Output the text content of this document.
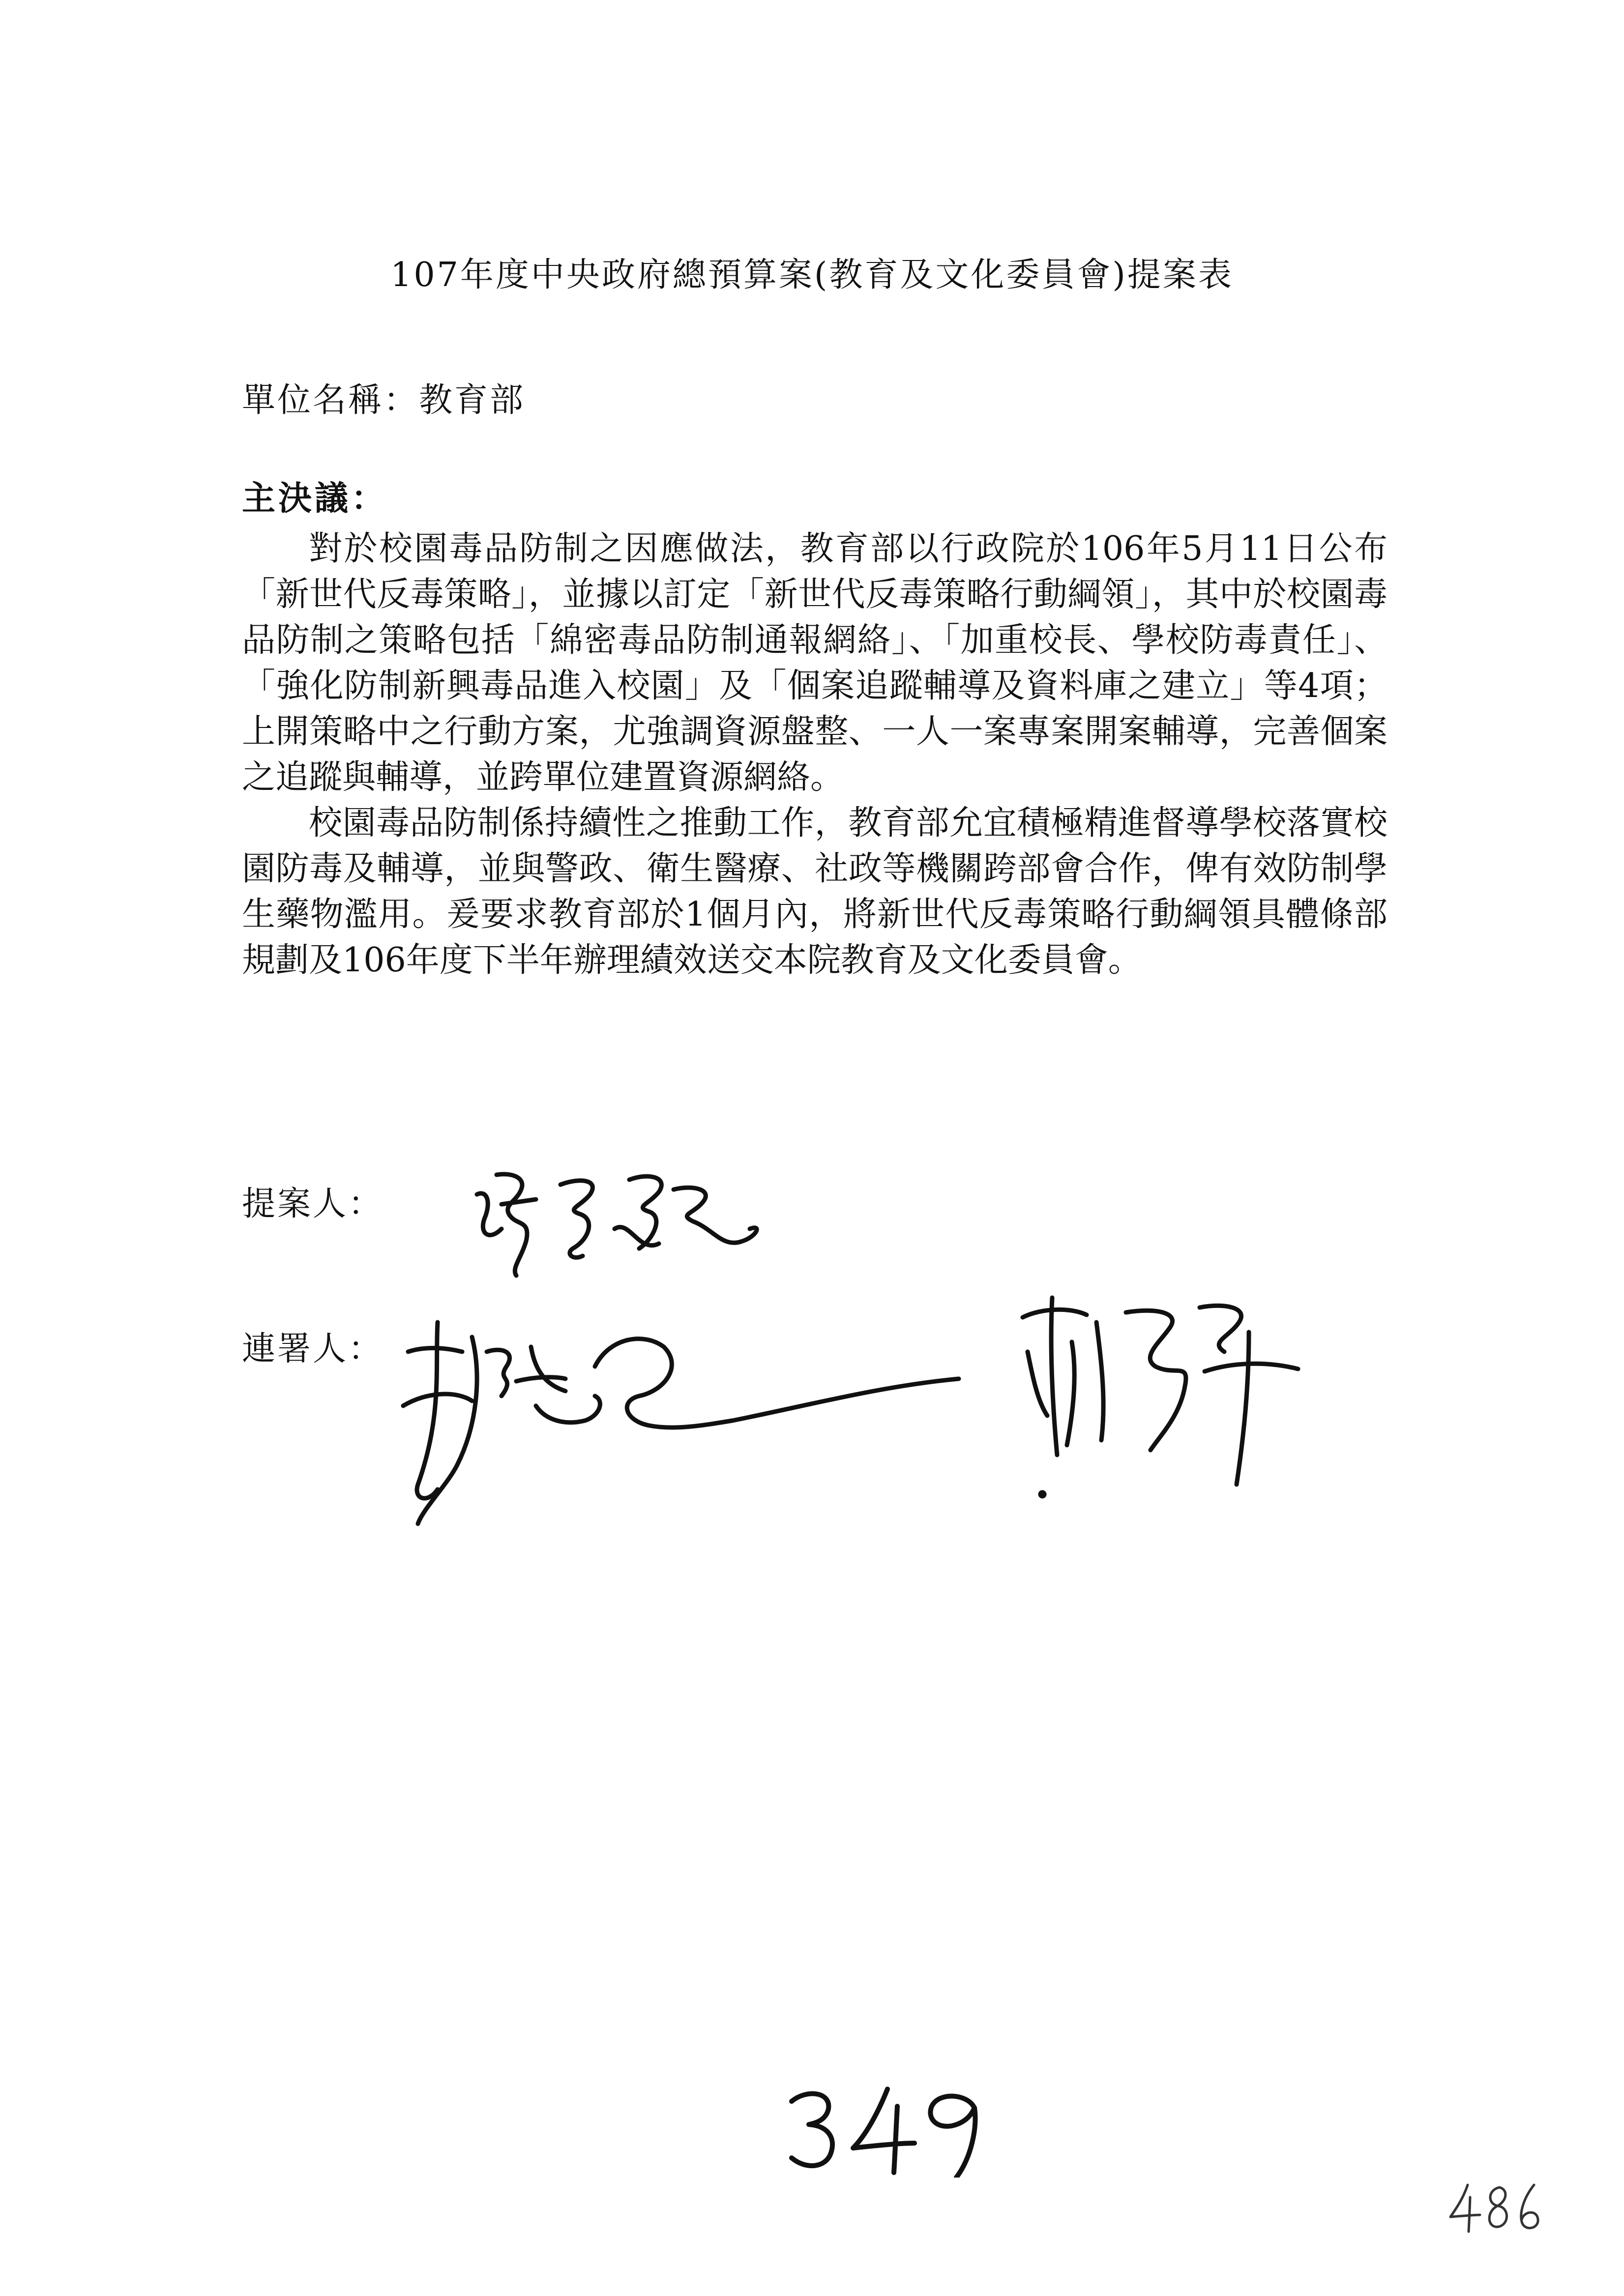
107年度中央政府總預算案(教育及文化委員會)提案表
單位名稱：教育部
主決議：

對於校園毒品防制之因應做法，教育部以行政院於106年5月11日公布「新世代反毒策略」，並據以訂定「新世代反毒策略行動綱領」，其中於校園毒品防制之策略包括「綿密毒品防制通報網絡」、「加重校長、學校防毒責任」、「強化防制新興毒品進入校園」及「個案追蹤輔導及資料庫之建立」等4項；上開策略中之行動方案，尤強調資源盤整、一人一案專案開案輔導，完善個案之追蹤與輔導，並跨單位建置資源網絡。

校園毒品防制係持續性之推動工作，教育部允宜積極精進督導學校落實校園防毒及輔導，並與警政、衛生醫療、社政等機關跨部會合作，俾有效防制學生藥物濫用。爰要求教育部於1個月內，將新世代反毒策略行動綱領具體條部規劃及106年度下半年辦理績效送交本院教育及文化委員會。

提案人：
連署人：
